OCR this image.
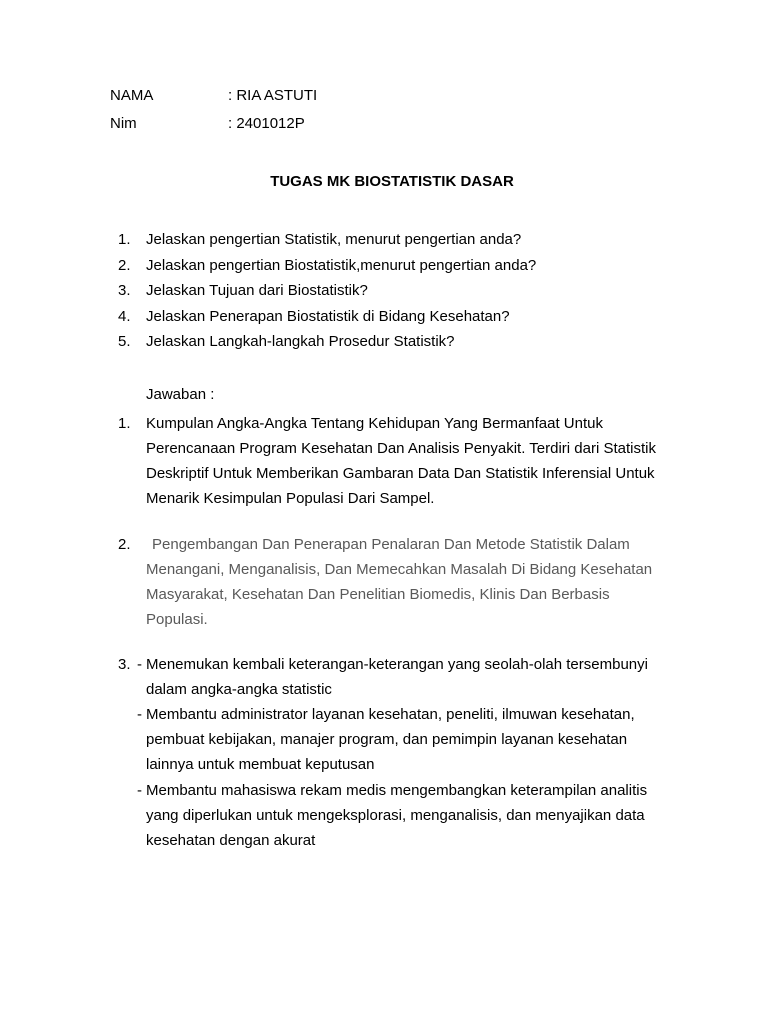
NAMA	: RIA ASTUTI
Nim	: 2401012P
TUGAS MK BIOSTATISTIK DASAR
1. Jelaskan pengertian Statistik, menurut pengertian anda?
2. Jelaskan pengertian Biostatistik,menurut pengertian anda?
3. Jelaskan Tujuan dari Biostatistik?
4. Jelaskan Penerapan Biostatistik di Bidang Kesehatan?
5. Jelaskan Langkah-langkah Prosedur Statistik?
Jawaban :
1. Kumpulan Angka-Angka Tentang Kehidupan Yang Bermanfaat Untuk
Perencanaan Program Kesehatan Dan Analisis Penyakit. Terdiri dari Statistik
Deskriptif Untuk Memberikan Gambaran Data Dan Statistik Inferensial Untuk
Menarik Kesimpulan Populasi Dari Sampel.
2.	Pengembangan Dan Penerapan Penalaran Dan Metode Statistik Dalam
Menangani, Menganalisis, Dan Memecahkan Masalah Di Bidang Kesehatan
Masyarakat, Kesehatan Dan Penelitian Biomedis, Klinis Dan Berbasis
Populasi.
3. - Menemukan kembali keterangan-keterangan yang seolah-olah tersembunyi
dalam angka-angka statistic
- Membantu administrator layanan kesehatan, peneliti, ilmuwan kesehatan,
pembuat kebijakan, manajer program, dan pemimpin layanan kesehatan
lainnya untuk membuat keputusan
- Membantu mahasiswa rekam medis mengembangkan keterampilan analitis
yang diperlukan untuk mengeksplorasi, menganalisis, dan menyajikan data
kesehatan dengan akurat
